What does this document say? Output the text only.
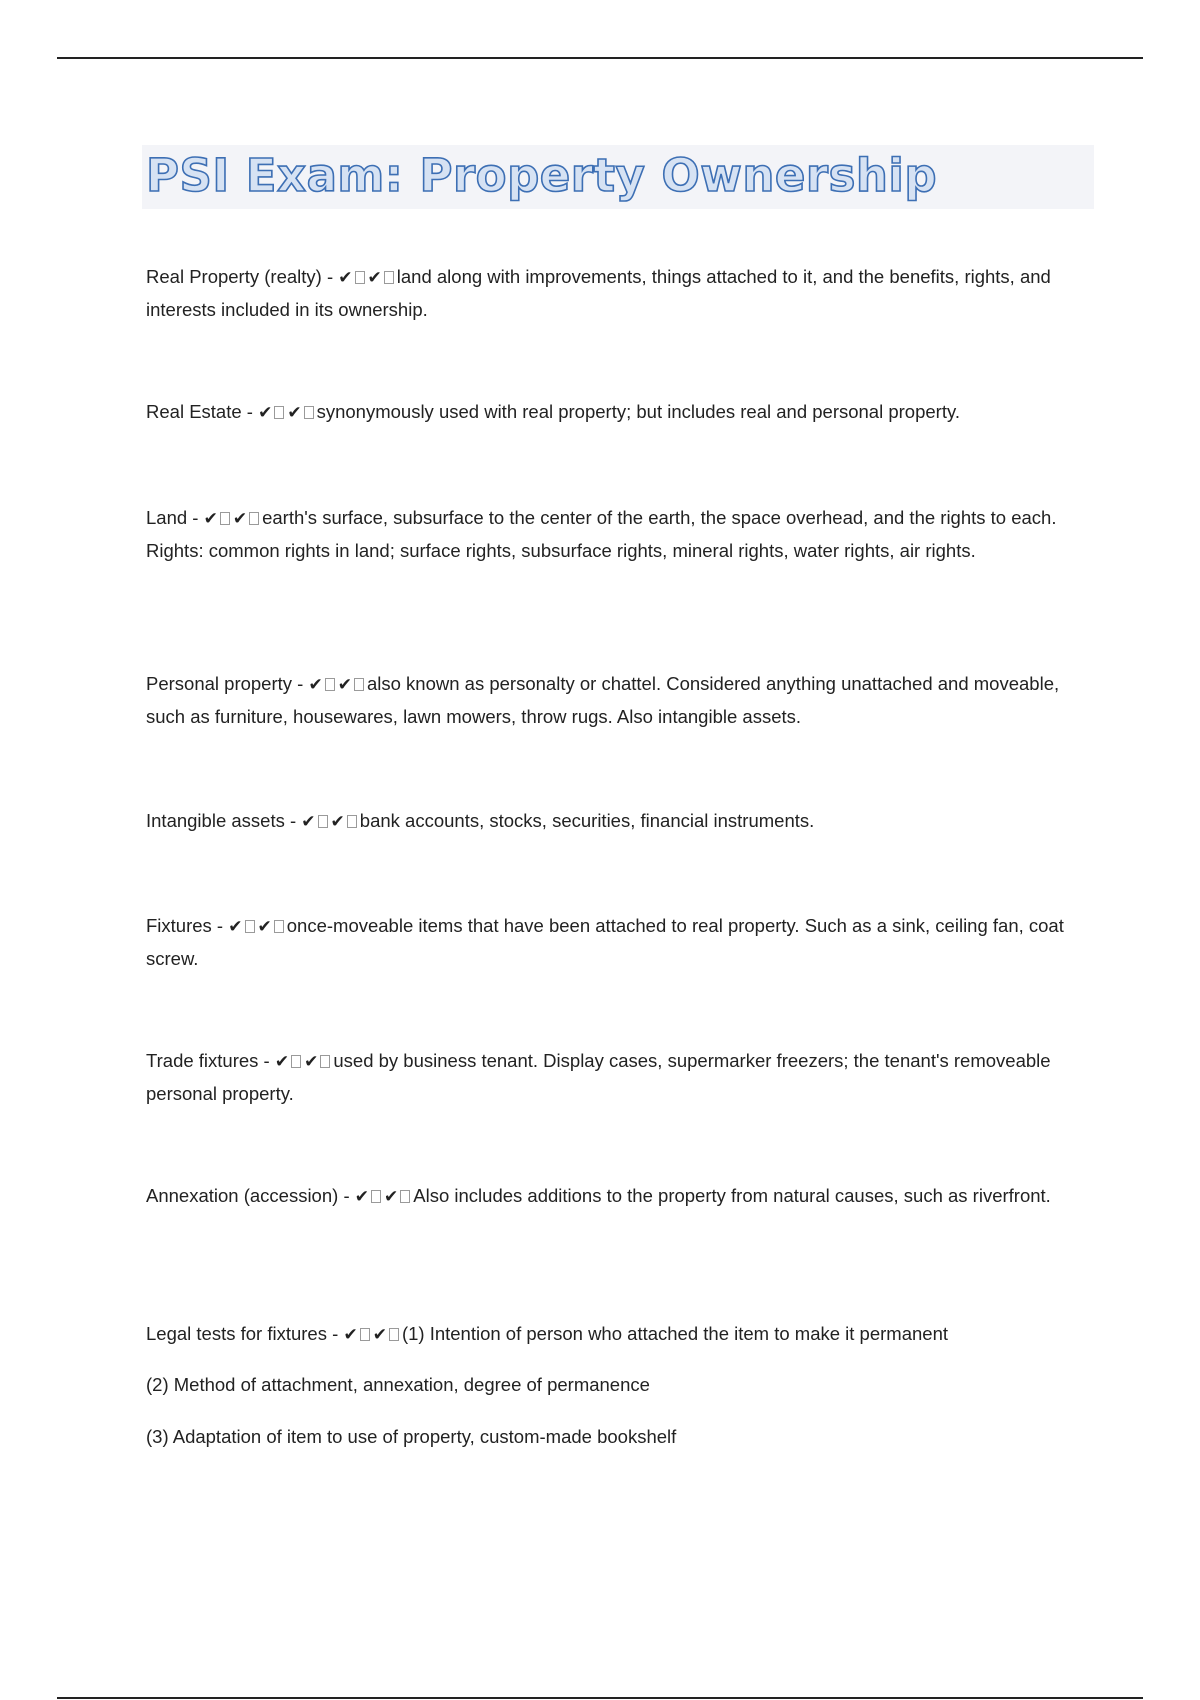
PSI Exam: Property Ownership

Real Property (realty) - ✔ ✔ land along with improvements, things attached to it, and the benefits, rights, and interests included in its ownership.

Real Estate - ✔ ✔ synonymously used with real property; but includes real and personal property.

Land - ✔ ✔ earth's surface, subsurface to the center of the earth, the space overhead, and the rights to each. Rights: common rights in land; surface rights, subsurface rights, mineral rights, water rights, air rights.

Personal property - ✔ ✔ also known as personalty or chattel. Considered anything unattached and moveable, such as furniture, housewares, lawn mowers, throw rugs. Also intangible assets.

Intangible assets - ✔ ✔ bank accounts, stocks, securities, financial instruments.

Fixtures - ✔ ✔ once-moveable items that have been attached to real property. Such as a sink, ceiling fan, coat screw.

Trade fixtures - ✔ ✔ used by business tenant. Display cases, supermarker freezers; the tenant's removeable personal property.

Annexation (accession) - ✔ ✔ Also includes additions to the property from natural causes, such as riverfront.

Legal tests for fixtures - ✔ ✔ (1) Intention of person who attached the item to make it permanent

(2) Method of attachment, annexation, degree of permanence

(3) Adaptation of item to use of property, custom-made bookshelf
